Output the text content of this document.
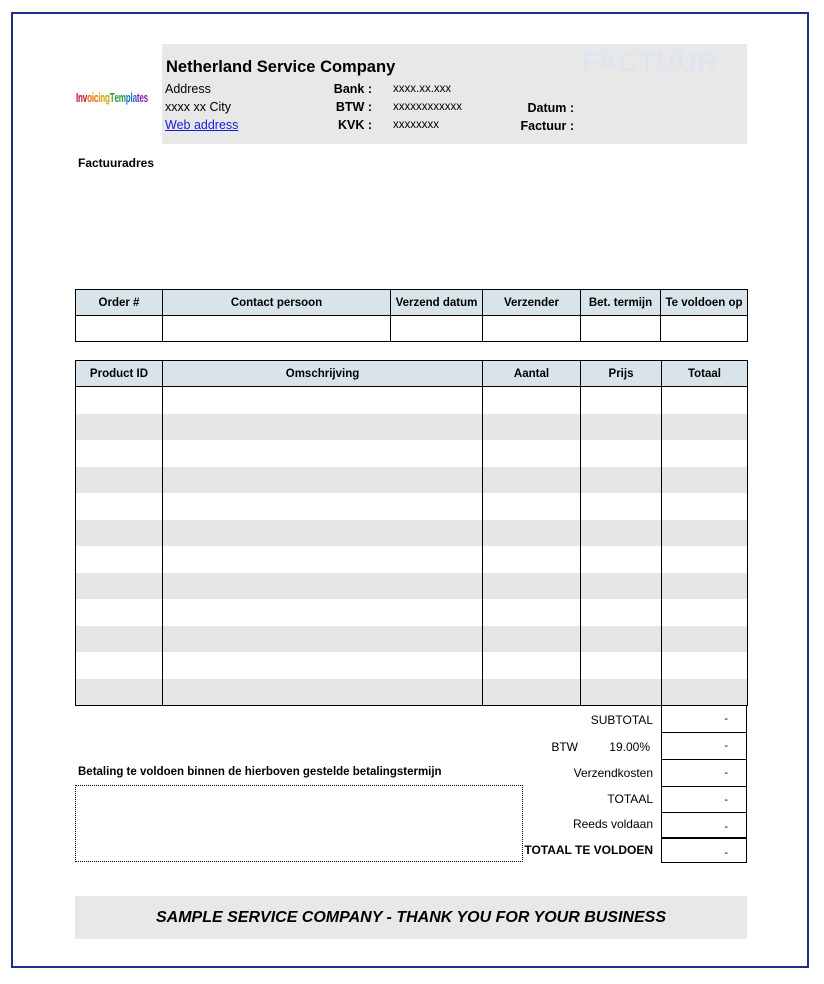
InvoicingTemplates
FACTUUR
Netherland Service Company
Address
xxxx xx City
Web address
Bank : xxxx.xx.xxx
BTW : xxxxxxxxxxxx
KVK : xxxxxxxx
Datum :
Factuur :
Factuuradres
Order #	Contact persoon	Verzend datum	Verzender	Bet. termijn	Te voldoen op

Product ID	Omschrijving	Aantal	Prijs	Totaal

SUBTOTAL	-
BTW	19.00%	-
Verzendkosten	-
TOTAAL	-
Reeds voldaan	-
TOTAAL TE VOLDOEN	-
Betaling te voldoen binnen de hierboven gestelde betalingstermijn
SAMPLE SERVICE COMPANY - THANK YOU FOR YOUR BUSINESS
